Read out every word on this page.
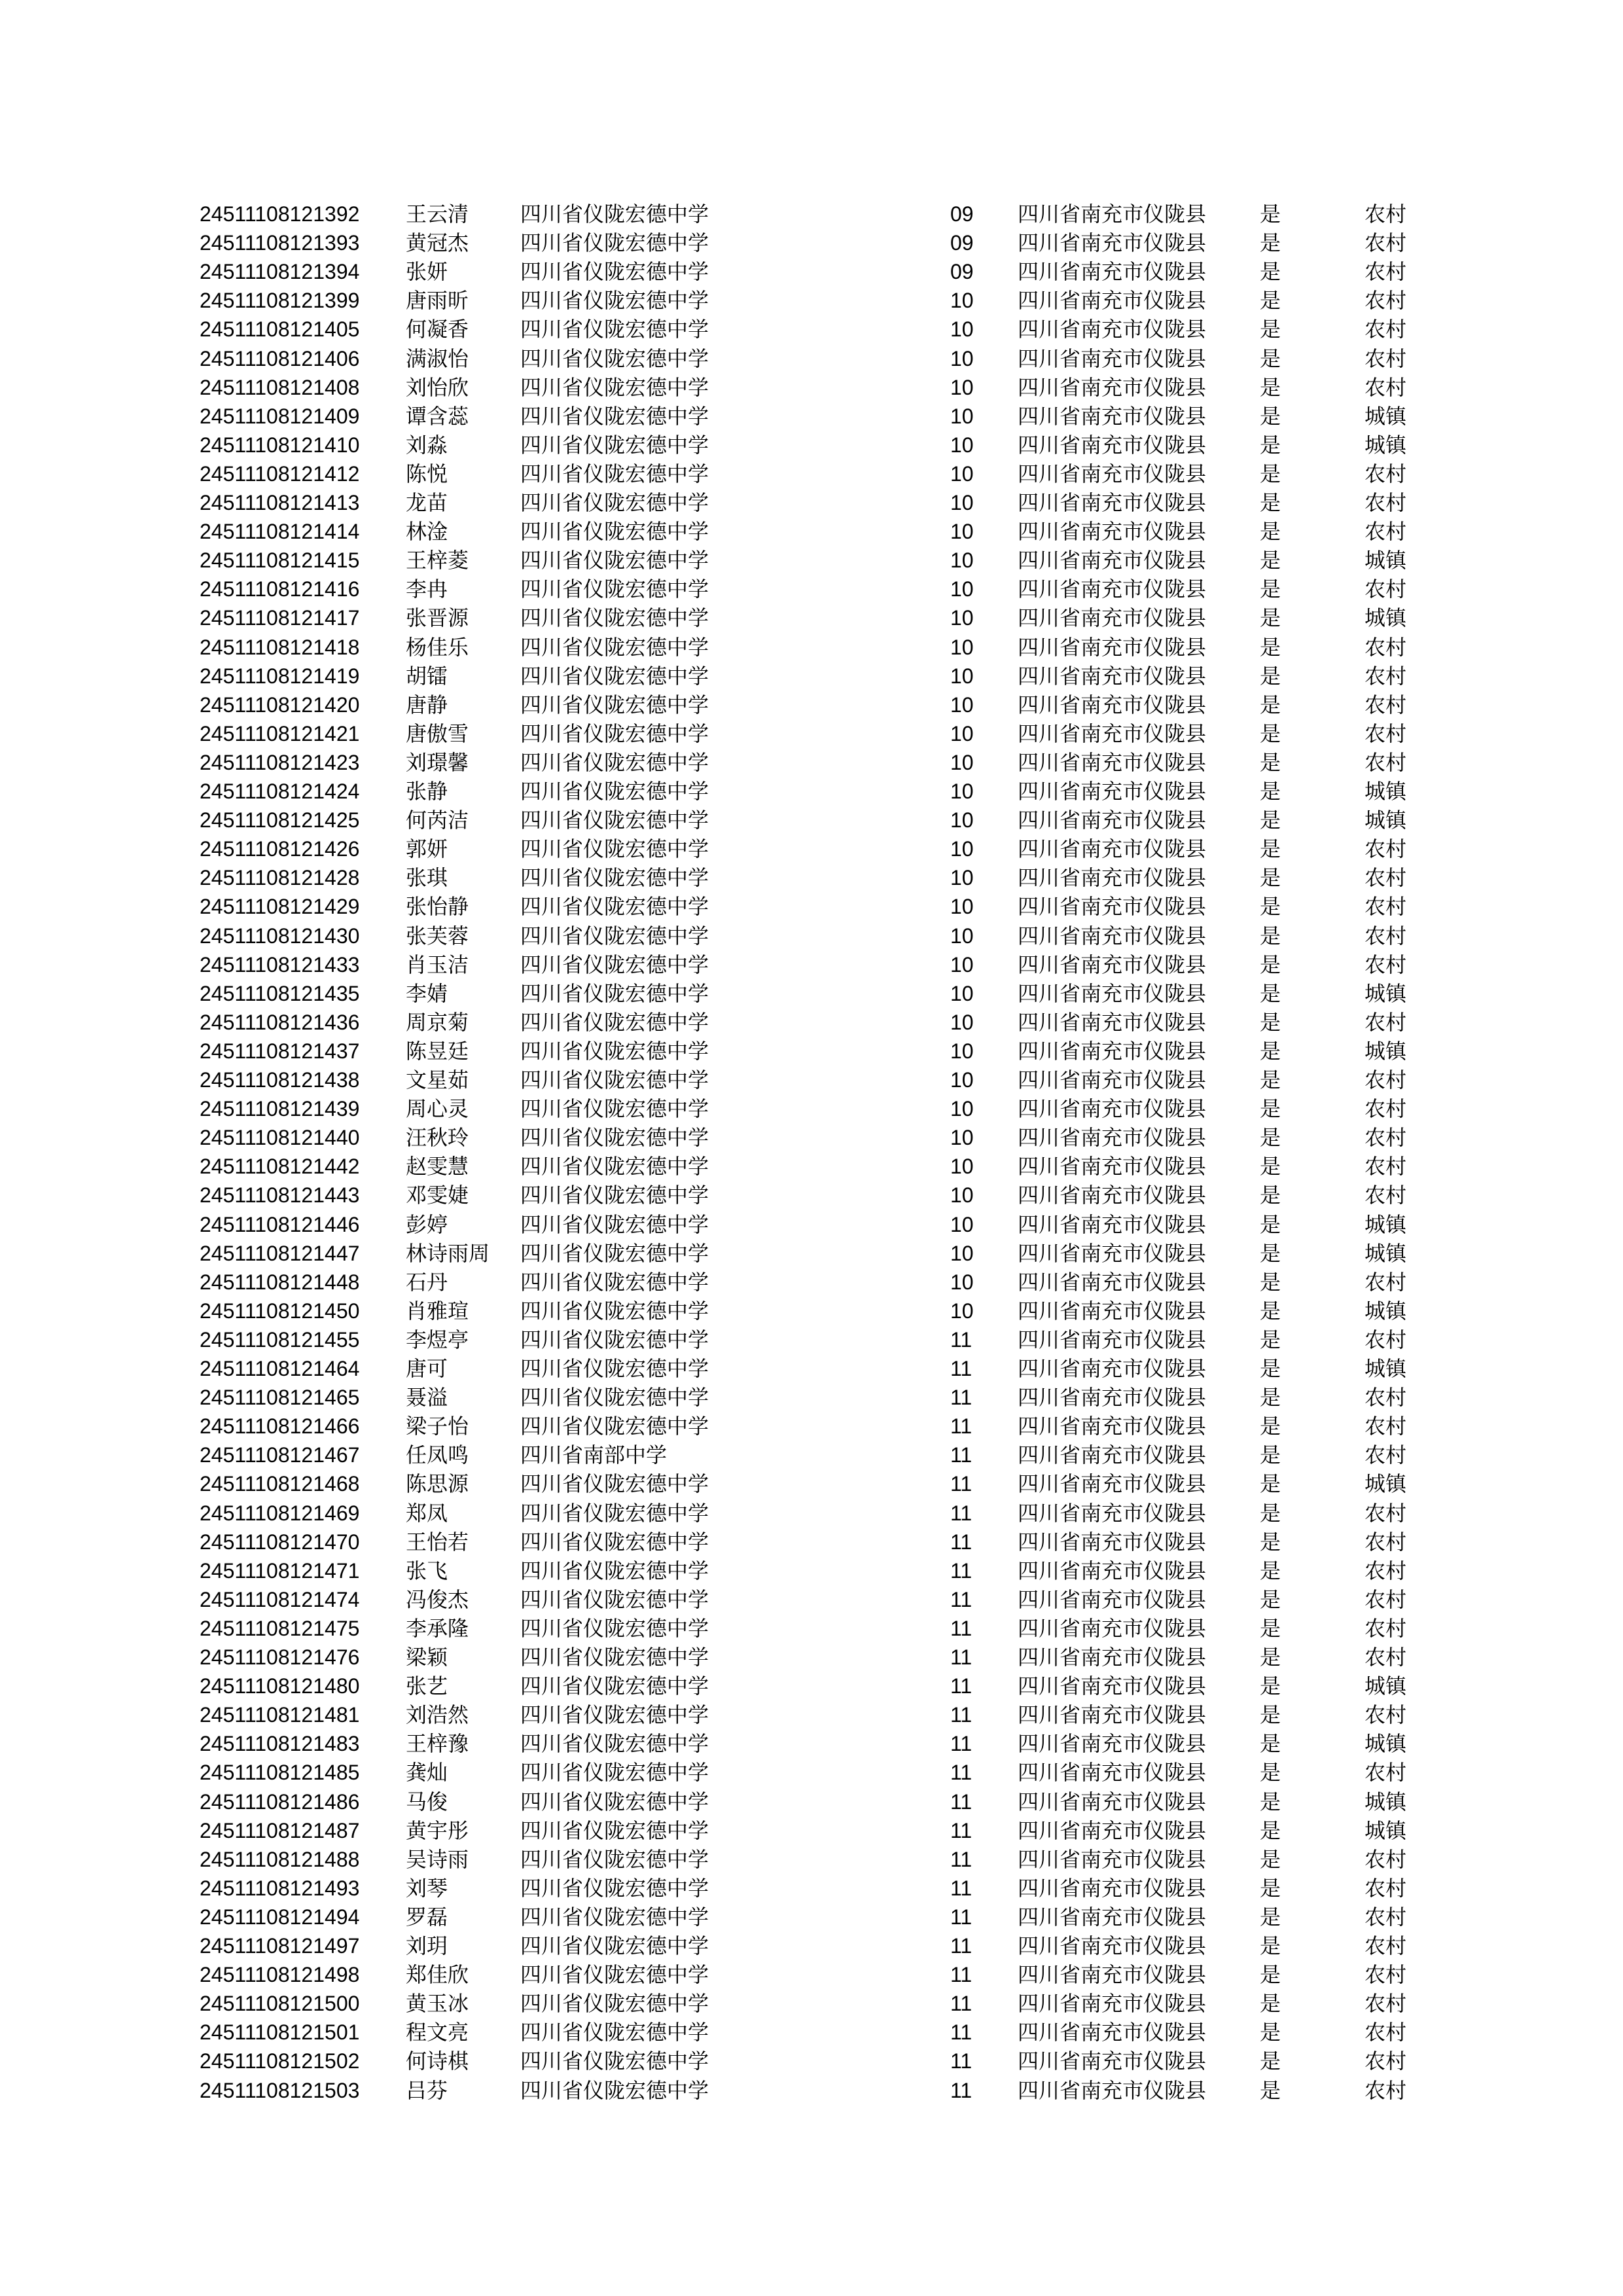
24511108121392 王云清 四川省仪陇宏德中学	09 四川省南充市仪陇县	是	农村
24511108121393 黄冠杰 四川省仪陇宏德中学	09 四川省南充市仪陇县	是	农村
24511108121394 张妍	四川省仪陇宏德中学	09 四川省南充市仪陇县	是	农村
24511108121399 唐雨昕 四川省仪陇宏德中学	10 四川省南充市仪陇县	是	农村
24511108121405 何凝香 四川省仪陇宏德中学	10 四川省南充市仪陇县	是	农村
24511108121406 满淑怡 四川省仪陇宏德中学	10 四川省南充市仪陇县	是	农村
24511108121408 刘怡欣 四川省仪陇宏德中学	10 四川省南充市仪陇县	是	农村
24511108121409 谭含蕊 四川省仪陇宏德中学	10 四川省南充市仪陇县	是	城镇
24511108121410 刘淼	四川省仪陇宏德中学	10 四川省南充市仪陇县	是	城镇
24511108121412 陈悦	四川省仪陇宏德中学	10 四川省南充市仪陇县	是	农村
24511108121413 龙苗	四川省仪陇宏德中学	10 四川省南充市仪陇县	是	农村
24511108121414 林淦	四川省仪陇宏德中学	10 四川省南充市仪陇县	是	农村
24511108121415 王梓菱 四川省仪陇宏德中学	10 四川省南充市仪陇县	是	城镇
24511108121416 李冉	四川省仪陇宏德中学	10 四川省南充市仪陇县	是	农村
24511108121417 张晋源 四川省仪陇宏德中学	10 四川省南充市仪陇县	是	城镇
24511108121418 杨佳乐 四川省仪陇宏德中学	10 四川省南充市仪陇县	是	农村
24511108121419 胡镭	四川省仪陇宏德中学	10 四川省南充市仪陇县	是	农村
24511108121420 唐静	四川省仪陇宏德中学	10 四川省南充市仪陇县	是	农村
24511108121421 唐傲雪 四川省仪陇宏德中学	10 四川省南充市仪陇县	是	农村
24511108121423 刘璟馨 四川省仪陇宏德中学	10 四川省南充市仪陇县	是	农村
24511108121424 张静	四川省仪陇宏德中学	10 四川省南充市仪陇县	是	城镇
24511108121425 何芮洁 四川省仪陇宏德中学	10 四川省南充市仪陇县	是	城镇
24511108121426 郭妍	四川省仪陇宏德中学	10 四川省南充市仪陇县	是	农村
24511108121428 张琪	四川省仪陇宏德中学	10 四川省南充市仪陇县	是	农村
24511108121429 张怡静 四川省仪陇宏德中学	10 四川省南充市仪陇县	是	农村
24511108121430 张芙蓉 四川省仪陇宏德中学	10 四川省南充市仪陇县	是	农村
24511108121433 肖玉洁 四川省仪陇宏德中学	10 四川省南充市仪陇县	是	农村
24511108121435 李婧	四川省仪陇宏德中学	10 四川省南充市仪陇县	是	城镇
24511108121436 周京菊 四川省仪陇宏德中学	10 四川省南充市仪陇县	是	农村
24511108121437 陈昱廷 四川省仪陇宏德中学	10 四川省南充市仪陇县	是	城镇
24511108121438 文星茹 四川省仪陇宏德中学	10 四川省南充市仪陇县	是	农村
24511108121439 周心灵 四川省仪陇宏德中学	10 四川省南充市仪陇县	是	农村
24511108121440 汪秋玲 四川省仪陇宏德中学	10 四川省南充市仪陇县	是	农村
24511108121442 赵雯慧 四川省仪陇宏德中学	10 四川省南充市仪陇县	是	农村
24511108121443 邓雯婕 四川省仪陇宏德中学	10 四川省南充市仪陇县	是	农村
24511108121446 彭婷	四川省仪陇宏德中学	10 四川省南充市仪陇县	是	城镇
24511108121447 林诗雨周 四川省仪陇宏德中学	10 四川省南充市仪陇县	是	城镇
24511108121448 石丹	四川省仪陇宏德中学	10 四川省南充市仪陇县	是	农村
24511108121450 肖雅瑄 四川省仪陇宏德中学	10 四川省南充市仪陇县	是	城镇
24511108121455 李煜亭 四川省仪陇宏德中学	11 四川省南充市仪陇县	是	农村
24511108121464 唐可	四川省仪陇宏德中学	11 四川省南充市仪陇县	是	城镇
24511108121465 聂溢	四川省仪陇宏德中学	11 四川省南充市仪陇县	是	农村
24511108121466 梁子怡 四川省仪陇宏德中学	11 四川省南充市仪陇县	是	农村
24511108121467 任凤鸣 四川省南部中学	11 四川省南充市仪陇县	是	农村
24511108121468 陈思源 四川省仪陇宏德中学	11 四川省南充市仪陇县	是	城镇
24511108121469 郑凤	四川省仪陇宏德中学	11 四川省南充市仪陇县	是	农村
24511108121470 王怡若 四川省仪陇宏德中学	11 四川省南充市仪陇县	是	农村
24511108121471 张飞	四川省仪陇宏德中学	11 四川省南充市仪陇县	是	农村
24511108121474 冯俊杰 四川省仪陇宏德中学	11 四川省南充市仪陇县	是	农村
24511108121475 李承隆 四川省仪陇宏德中学	11 四川省南充市仪陇县	是	农村
24511108121476 梁颖	四川省仪陇宏德中学	11 四川省南充市仪陇县	是	农村
24511108121480 张艺	四川省仪陇宏德中学	11 四川省南充市仪陇县	是	城镇
24511108121481 刘浩然 四川省仪陇宏德中学	11 四川省南充市仪陇县	是	农村
24511108121483 王梓豫 四川省仪陇宏德中学	11 四川省南充市仪陇县	是	城镇
24511108121485 龚灿	四川省仪陇宏德中学	11 四川省南充市仪陇县	是	农村
24511108121486 马俊	四川省仪陇宏德中学	11 四川省南充市仪陇县	是	城镇
24511108121487 黄宇彤 四川省仪陇宏德中学	11 四川省南充市仪陇县	是	城镇
24511108121488 吴诗雨 四川省仪陇宏德中学	11 四川省南充市仪陇县	是	农村
24511108121493 刘琴	四川省仪陇宏德中学	11 四川省南充市仪陇县	是	农村
24511108121494 罗磊	四川省仪陇宏德中学	11 四川省南充市仪陇县	是	农村
24511108121497 刘玥	四川省仪陇宏德中学	11 四川省南充市仪陇县	是	农村
24511108121498 郑佳欣 四川省仪陇宏德中学	11 四川省南充市仪陇县	是	农村
24511108121500 黄玉冰 四川省仪陇宏德中学	11 四川省南充市仪陇县	是	农村
24511108121501 程文亮 四川省仪陇宏德中学	11 四川省南充市仪陇县	是	农村
24511108121502 何诗棋 四川省仪陇宏德中学	11 四川省南充市仪陇县	是	农村
24511108121503 吕芬	四川省仪陇宏德中学	11 四川省南充市仪陇县	是	农村
